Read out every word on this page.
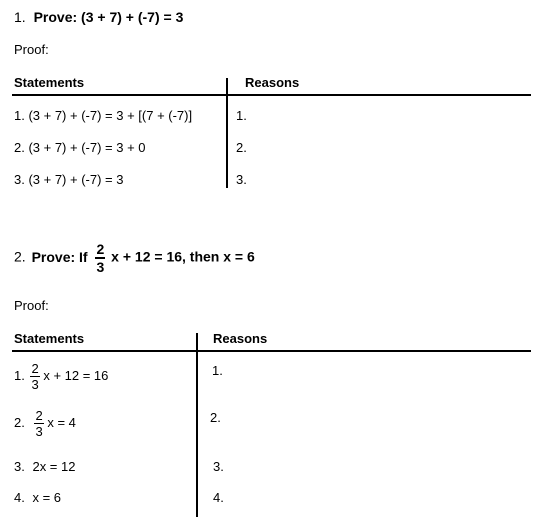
1. Prove: (3 + 7) + (-7) = 3
Proof:
Statements	Reasons
1. (3 + 7) + (-7) = 3 + [(7 + (-7)]	1.
2. (3 + 7) + (-7) = 3 + 0	2.
3. (3 + 7) + (-7) = 3	3.
2. Prove: If $\frac{2}{3}$ x + 12 = 16, then x = 6
Proof:
Statements	Reasons
1. $\frac{2}{3}$ x + 12 = 16	1.
2. $\frac{2}{3}$ x = 4	2.
3. 2x = 12	3.
4. x = 6	4.
